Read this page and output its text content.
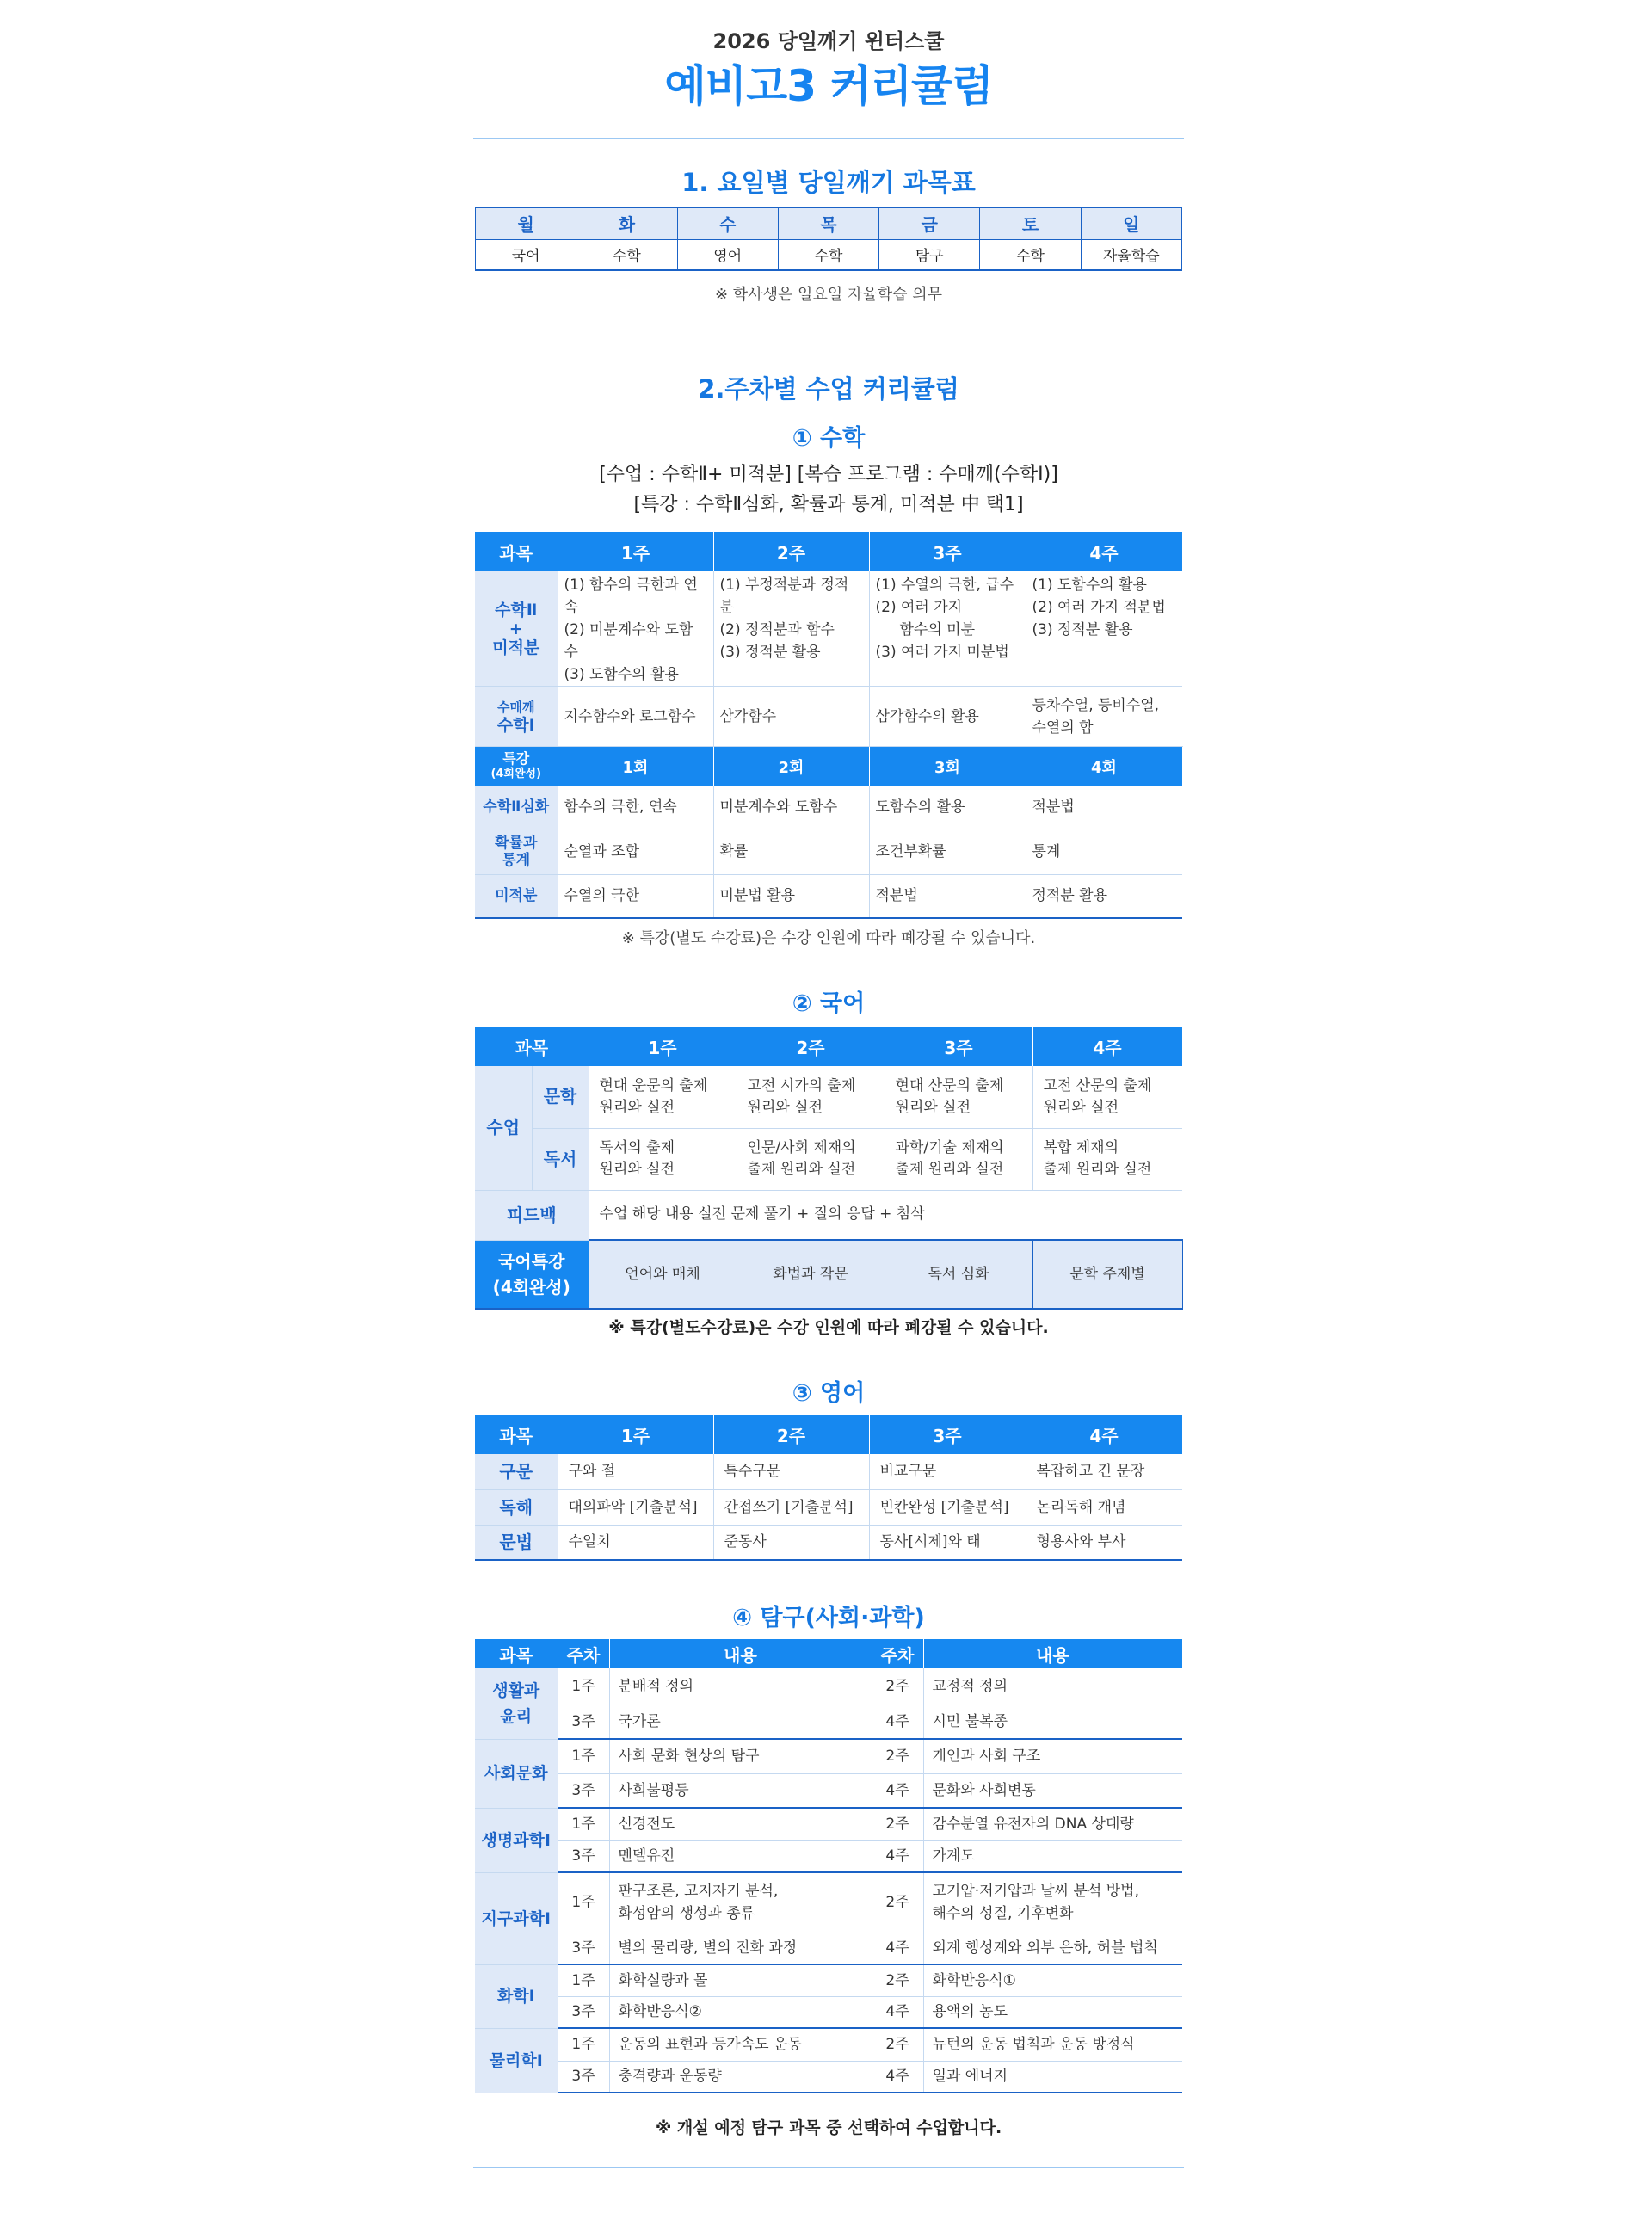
2026 당일깨기 윈터스쿨
예비고3 커리큘럼
1. 요일별 당일깨기 과목표
월	화	수	목	금	토	일
국어	수학	영어	수학	탐구	수학	자율학습
※ 학사생은 일요일 자율학습 의무
2.주차별 수업 커리큘럼
① 수학
[수업 : 수학Ⅱ+ 미적분] [복습 프로그램 : 수매깨(수학Ⅰ)]
[특강 : 수학Ⅱ심화, 확률과 통계, 미적분 中 택1]
과목	1주	2주	3주	4주

수학Ⅱ
+
미적분	(1) 함수의 극한과 연속
(2) 미분계수와 도함수
(3) 도함수의 활용	(1) 부정적분과 정적분
(2) 정적분과 함수
(3) 정적분 활용	(1) 수열의 극한, 급수
(2) 여러 가지
함수의 미분
(3) 여러 가지 미분법	(1) 도함수의 활용
(2) 여러 가지 적분법
(3) 정적분 활용

수매깨
수학Ⅰ	지수함수와 로그함수	삼각함수	삼각함수의 활용	등차수열, 등비수열,
수열의 합

특강
(4회완성)	1회	2회	3회	4회
수학Ⅱ심화	함수의 극한, 연속	미분계수와 도함수	도함수의 활용	적분법

확률과
통계	순열과 조합	확률	조건부확률	통계
미적분	수열의 극한	미분법 활용	적분법	정적분 활용
※ 특강(별도 수강료)은 수강 인원에 따라 폐강될 수 있습니다.
② 국어
과목		1주	2주	3주	4주
수업	문학	현대 운문의 출제
원리와 실전	고전 시가의 출제
원리와 실전	현대 산문의 출제
원리와 실전	고전 산문의 출제
원리와 실전

	독서	독서의 출제
원리와 실전	인문/사회 제재의
출제 원리와 실전	과학/기술 제재의
출제 원리와 실전	복합 제재의
출제 원리와 실전

피드백		수업 해당 내용 실전 문제 풀기 + 질의 응답 + 첨삭			

국어특강
(4회완성)		언어와 매체	화법과 작문	독서 심화	문학 주제별
※ 특강(별도수강료)은 수강 인원에 따라 폐강될 수 있습니다.
③ 영어
과목	1주	2주	3주	4주
구문	구와 절	특수구문	비교구문	복잡하고 긴 문장
독해	대의파악 [기출분석]	간접쓰기 [기출분석]	빈칸완성 [기출분석]	논리독해 개념
문법	수일치	준동사	동사[시제]와 태	형용사와 부사
④ 탐구(사회·과학)
과목	주차	내용	주차	내용

생활과
윤리	1주	분배적 정의	2주	교정적 정의
	3주	국가론	4주	시민 불복종

사회문화	1주	사회 문화 현상의 탐구	2주	개인과 사회 구조
	3주	사회불평등	4주	문화와 사회변동

생명과학Ⅰ	1주	신경전도	2주	감수분열 유전자의 DNA 상대량
	3주	멘델유전	4주	가계도

지구과학Ⅰ	1주	판구조론, 고지자기 분석,
화성암의 생성과 종류	2주	고기압·저기압과 날씨 분석 방법,
해수의 성질, 기후변화
	3주	별의 물리량, 별의 진화 과정	4주	외계 행성계와 외부 은하, 허블 법칙

화학Ⅰ	1주	화학실량과 몰	2주	화학반응식①
	3주	화학반응식②	4주	용액의 농도

물리학Ⅰ	1주	운동의 표현과 등가속도 운동	2주	뉴턴의 운동 법칙과 운동 방정식
	3주	충격량과 운동량	4주	일과 에너지
※ 개설 예정 탐구 과목 중 선택하여 수업합니다.
